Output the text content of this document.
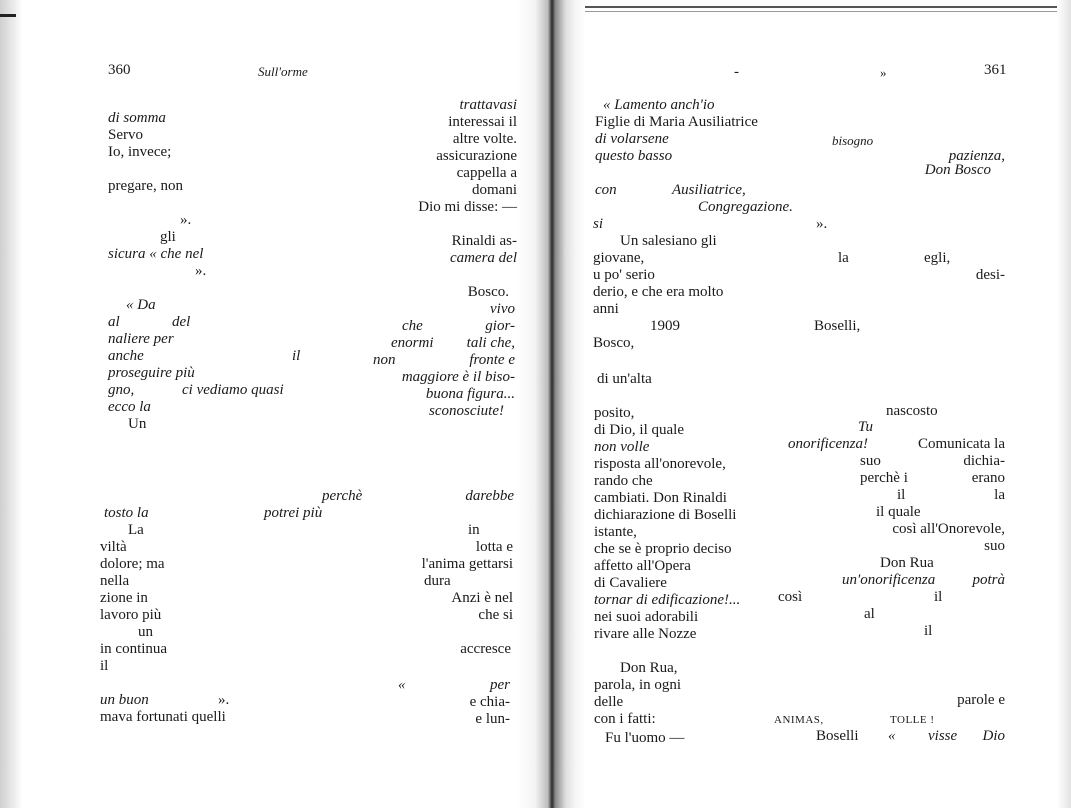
360	Sull'orme
di somma
Servo
Io, invece;
pregare, non
».
gli
sicura « che nel
».
« Da
al	del
naliere per
anche
proseguire più
gno,	ci vediamo quasi
ecco la
Un
perchè
tosto la	potrei più
La
viltà
dolore; ma
nella
zione in
lavoro più
un
in continua
il
un buon	».
mava fortunati quelli
il
trattavasi
interessai il
altre volte.
assicurazione
cappella a
domani
Dio mi disse: —
Rinaldi as-
camera del
Bosco.
vivo
che	gior-
enormi tali che,
non	fronte e
maggiore è il biso-
buona figura...
sconosciute!
darebbe
in
lotta e
l'anima gettarsi
dura
Anzi è nel
che si
accresce
«	per
e chia-
e lun-
-	»	361
« Lamento anch'io
Figlie di Maria Ausiliatrice
di volarsene
questo basso
con	Ausiliatrice,
Congregazione.
si
Un salesiano gli
giovane,
u po' serio
derio, e che era molto
anni
1909
Bosco,
di un'alta
posito,
di Dio, il quale
non volle
risposta all'onorevole,
rando che
cambiati. Don Rinaldi
dichiarazione di Boselli
istante,
che se è proprio deciso
affetto all'Opera
di Cavaliere
tornar di edificazione!...
nei suoi adorabili
rivare alle Nozze
Don Rua,
parola, in ogni
delle
con i fatti:
Fu l'uomo —
bisogno
pazienza,
Don Bosco
».
la	egli,
desi-
Boselli,
nascosto
Tu
onorificenza!	Comunicata la
suo	dichia-
perchè i	erano
il	la
il quale
così all'Onorevole,
suo
Don Rua
un'onorificenza potrà
così	il
al
il
parole e
ANIMAS,	TOLLE !
Boselli « visse Dio
